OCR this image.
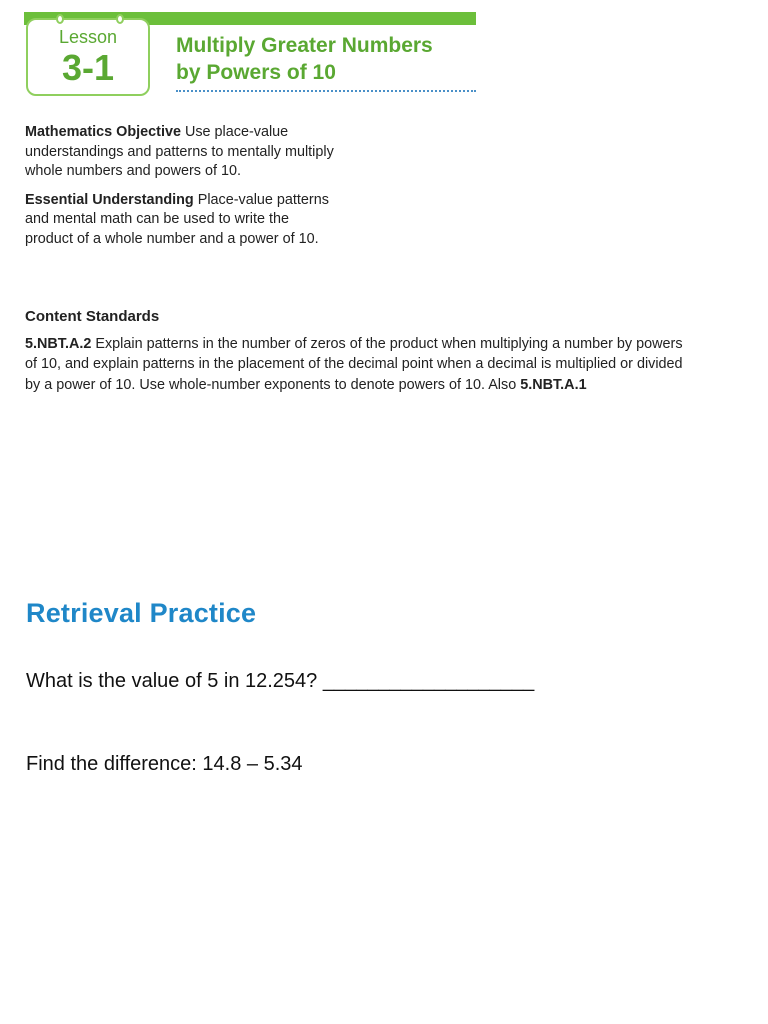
Lesson
3-1
Multiply Greater Numbers
by Powers of 10

Mathematics Objective Use place-value understandings and patterns to mentally multiply whole numbers and powers of 10.

Essential Understanding Place-value patterns and mental math can be used to write the product of a whole number and a power of 10.

Content Standards

5.NBT.A.2 Explain patterns in the number of zeros of the product when multiplying a number by powers of 10, and explain patterns in the placement of the decimal point when a decimal is multiplied or divided by a power of 10. Use whole-number exponents to denote powers of 10. Also 5.NBT.A.1

Retrieval Practice
What is the value of 5 in 12.254? ___________________
Find the difference: 14.8 – 5.34
